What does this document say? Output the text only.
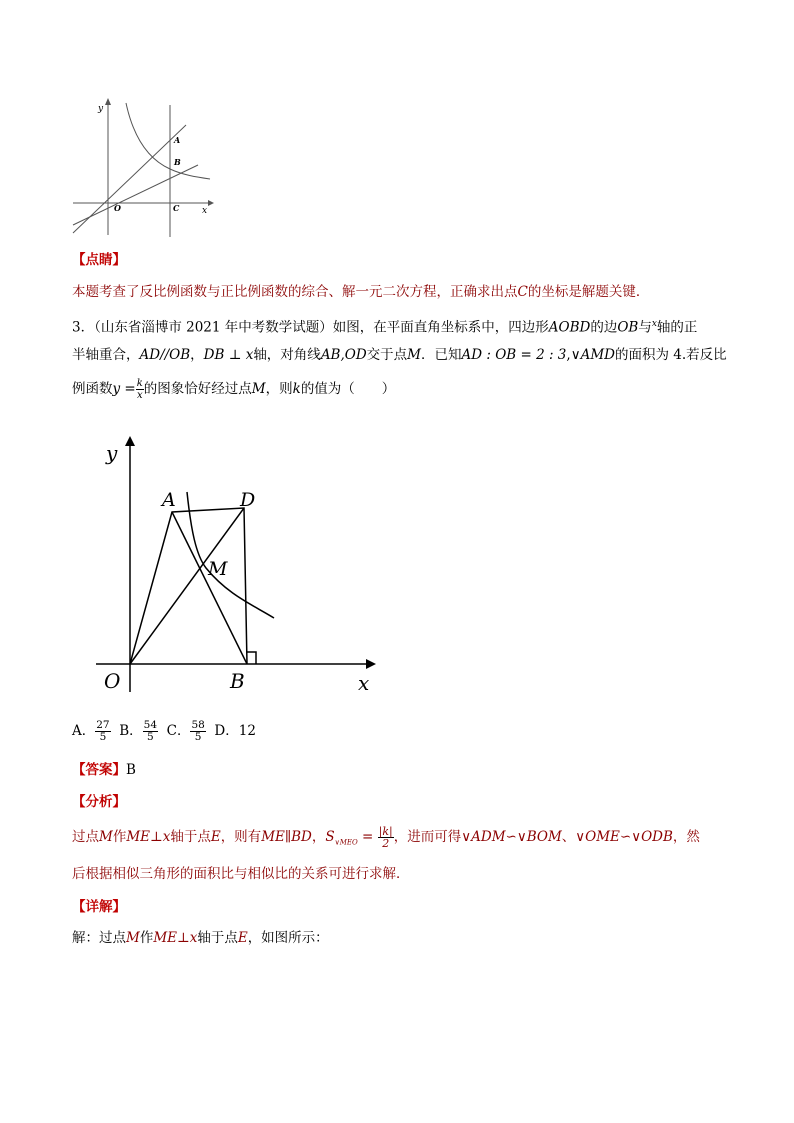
y
x
A
B
O	C
【点睛】
本题考查了反比例函数与正比例函数的综合、解一元二次方程，正确求出点C的坐标是解题关键．
3．（山东省淄博市 2021 年中考数学试题）如图，在平面直角坐标系中，四边形AOBD的边OB与$^x$轴的正
半轴重合，AD//OB，DB ⊥ x轴，对角线AB,OD交于点M．已知AD : OB = 2 : 3,∨AMD的面积为 4.若反比
例函数$y = \frac{k}{x}$ 的图象恰好经过点M，则k的值为（　　）
y
x
A	D
M
O	B
A． $\frac{27}{5}$ B． $\frac{54}{5}$ C． $\frac{58}{5}$ D．12
【答案】B
【分析】
过点M作ME⊥x轴于点E，则有ME∥BD，$S_{\vee MEO} = \frac{|k|}{2}$ ，进而可得∨ADM∽∨BOM、∨OME∽∨ODB，然
后根据相似三角形的面积比与相似比的关系可进行求解．
【详解】
解：过点M作ME⊥x轴于点E，如图所示：
